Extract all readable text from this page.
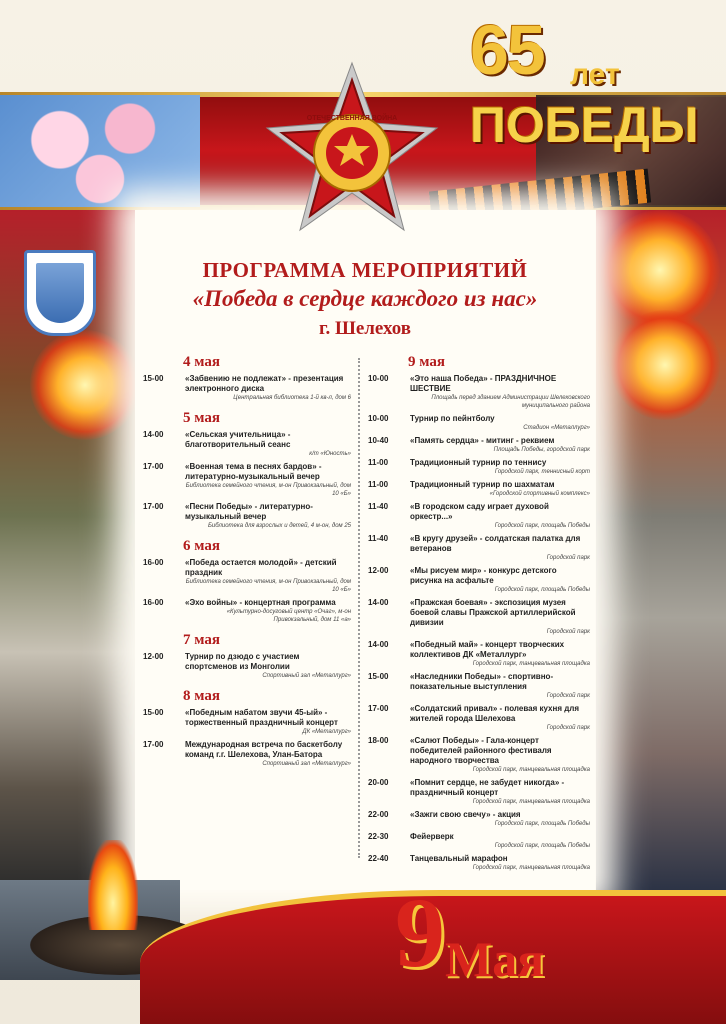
ОТЕЧЕСТВЕННАЯ ВОЙНА
65 лет
ПОБЕДЫ
ПРОГРАММА МЕРОПРИЯТИЙ
«Победа в сердце каждого из нас»
г. Шелехов
4 мая
15-00	«Забвению не подлежат» - презентация электронного диска
Центральная библиотека 1-й кв-л, дом 6
5 мая
14-00	«Сельская учительница» - благотворительный сеанс
к/т «Юность»
17-00	«Военная тема в песнях бардов» - литературно-музыкальный вечер
Библиотека семейного чтения, м-он Привокзальный, дом 10 «Б»
17-00	«Песни Победы» - литературно-музыкальный вечер
Библиотека для взрослых и детей, 4 м-он, дом 25
6 мая
16-00	«Победа остается молодой» - детский праздник
Библиотека семейного чтения, м-он Привокзальный, дом 10 «Б»
16-00	«Эхо войны» - концертная программа
«Культурно-досуговый центр «Очаг», м-он Привокзальный, дом 11 «а»
7 мая
12-00	Турнир по дзюдо с участием спортсменов из Монголии
Спортивный зал «Металлург»
8 мая
15-00	«Победным набатом звучи 45-ый» - торжественный праздничный концерт
ДК «Металлург»
17-00	Международная встреча по баскетболу команд г.г. Шелехова, Улан-Батора
Спортивный зал «Металлург»
9 мая
10-00	«Это наша Победа» - ПРАЗДНИЧНОЕ ШЕСТВИЕ
Площадь перед зданием Администрации Шелеховского муниципального района
10-00	Турнир по пейнтболу
Стадион «Металлург»
10-40	«Память сердца» - митинг - реквием
Площадь Победы, городской парк
11-00	Традиционный турнир по теннису
Городской парк, теннисный корт
11-00	Традиционный турнир по шахматам
«Городской спортивный комплекс»
11-40	«В городском саду играет духовой оркестр...»
Городской парк, площадь Победы
11-40	«В кругу друзей» - солдатская палатка для ветеранов
Городской парк
12-00	«Мы рисуем мир» - конкурс детского рисунка на асфальте
Городской парк, площадь Победы
14-00	«Пражская боевая» - экспозиция музея боевой славы Пражской артиллерийской дивизии
Городской парк
14-00	«Победный май» - концерт творческих коллективов ДК «Металлург»
Городской парк, танцевальная площадка
15-00	«Наследники Победы» - спортивно-показательные выступления
Городской парк
17-00	«Солдатский привал» - полевая кухня для жителей города Шелехова
Городской парк
18-00	«Салют Победы» - Гала-концерт победителей районного фестиваля народного творчества
Городской парк, танцевальная площадка
20-00	«Помнит сердце, не забудет никогда» - праздничный концерт
Городской парк, танцевальная площадка
22-00	«Зажги свою свечу» - акция
Городской парк, площадь Победы
22-30	Фейерверк
Городской парк, площадь Победы
22-40	Танцевальный марафон
Городской парк, танцевальная площадка
9 Мая
